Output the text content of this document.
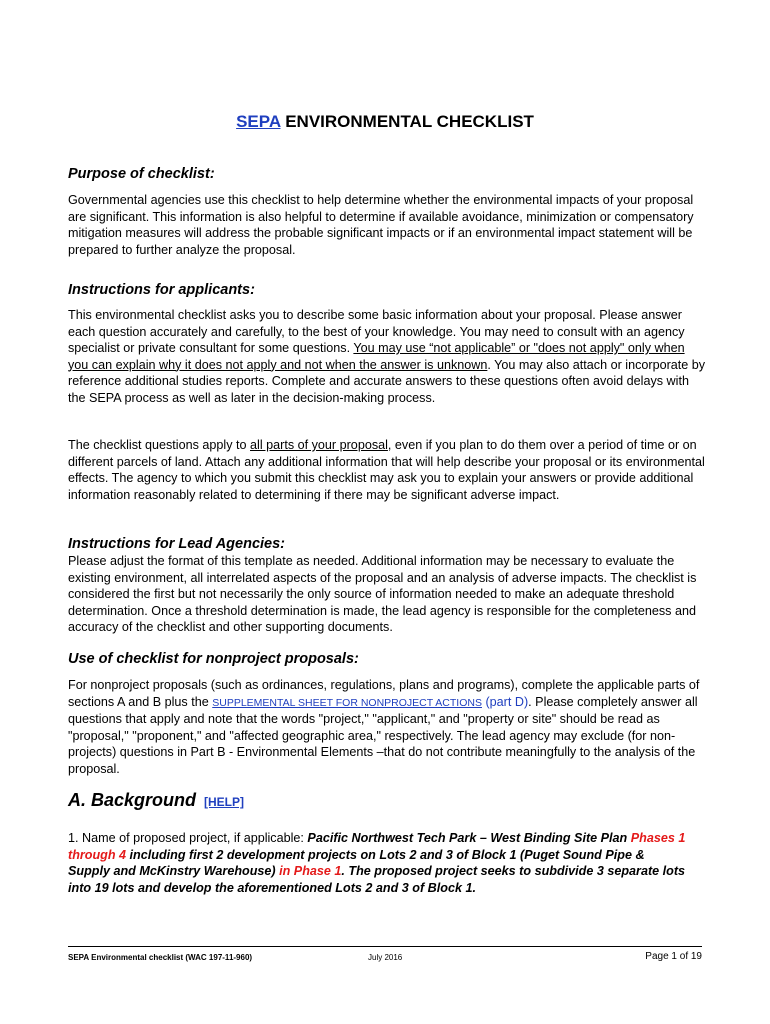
SEPA ENVIRONMENTAL CHECKLIST
Purpose of checklist:
Governmental agencies use this checklist to help determine whether the environmental impacts of your proposal are significant. This information is also helpful to determine if available avoidance, minimization or compensatory mitigation measures will address the probable significant impacts or if an environmental impact statement will be prepared to further analyze the proposal.
Instructions for applicants:
This environmental checklist asks you to describe some basic information about your proposal. Please answer each question accurately and carefully, to the best of your knowledge. You may need to consult with an agency specialist or private consultant for some questions. You may use “not applicable” or "does not apply" only when you can explain why it does not apply and not when the answer is unknown. You may also attach or incorporate by reference additional studies reports. Complete and accurate answers to these questions often avoid delays with the SEPA process as well as later in the decision-making process.
The checklist questions apply to all parts of your proposal, even if you plan to do them over a period of time or on different parcels of land. Attach any additional information that will help describe your proposal or its environmental effects. The agency to which you submit this checklist may ask you to explain your answers or provide additional information reasonably related to determining if there may be significant adverse impact.
Instructions for Lead Agencies:
Please adjust the format of this template as needed. Additional information may be necessary to evaluate the existing environment, all interrelated aspects of the proposal and an analysis of adverse impacts. The checklist is considered the first but not necessarily the only source of information needed to make an adequate threshold determination. Once a threshold determination is made, the lead agency is responsible for the completeness and accuracy of the checklist and other supporting documents.
Use of checklist for nonproject proposals:
For nonproject proposals (such as ordinances, regulations, plans and programs), complete the applicable parts of sections A and B plus the SUPPLEMENTAL SHEET FOR NONPROJECT ACTIONS (part D). Please completely answer all questions that apply and note that the words "project," "applicant," and "property or site" should be read as "proposal," "proponent," and "affected geographic area," respectively. The lead agency may exclude (for non-projects) questions in Part B - Environmental Elements –that do not contribute meaningfully to the analysis of the proposal.
A. Background [HELP]
1. Name of proposed project, if applicable: Pacific Northwest Tech Park – West Binding Site Plan Phases 1 through 4 including first 2 development projects on Lots 2 and 3 of Block 1 (Puget Sound Pipe & Supply and McKinstry Warehouse) in Phase 1. The proposed project seeks to subdivide 3 separate lots into 19 lots and develop the aforementioned Lots 2 and 3 of Block 1.
SEPA Environmental checklist (WAC 197-11-960)	July 2016	Page 1 of 19
